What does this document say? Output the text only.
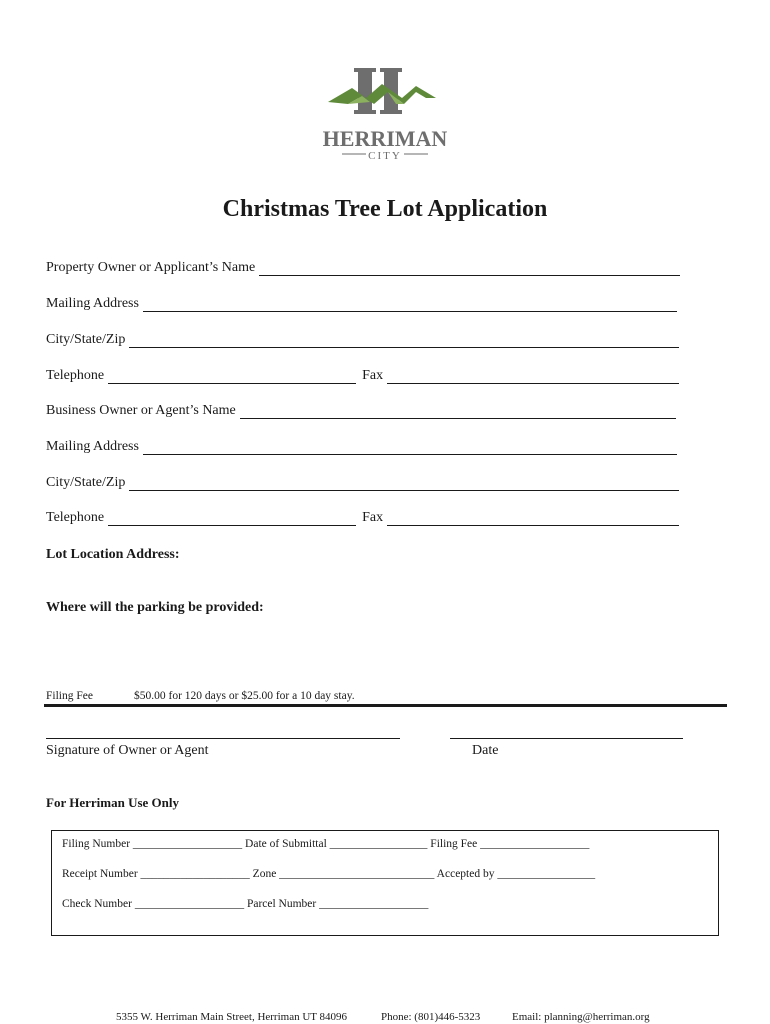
HERRIMAN
CITY
Christmas Tree Lot Application
Property Owner or Applicant’s Name
Mailing Address
City/State/Zip
Telephone	Fax
Business Owner or Agent’s Name
Mailing Address
City/State/Zip
Telephone	Fax
Lot Location Address:
Where will the parking be provided:
Filing Fee	$50.00 for 120 days or $25.00 for a 10 day stay.
Signature of Owner or Agent	Date
For Herriman Use Only
Filing Number ___________________ Date of Submittal _________________ Filing Fee ___________________
Receipt Number ___________________ Zone ___________________________ Accepted by _________________
Check Number ___________________ Parcel Number ___________________
5355 W. Herriman Main Street, Herriman UT 84096	Phone: (801)446-5323	Email: planning@herriman.org
